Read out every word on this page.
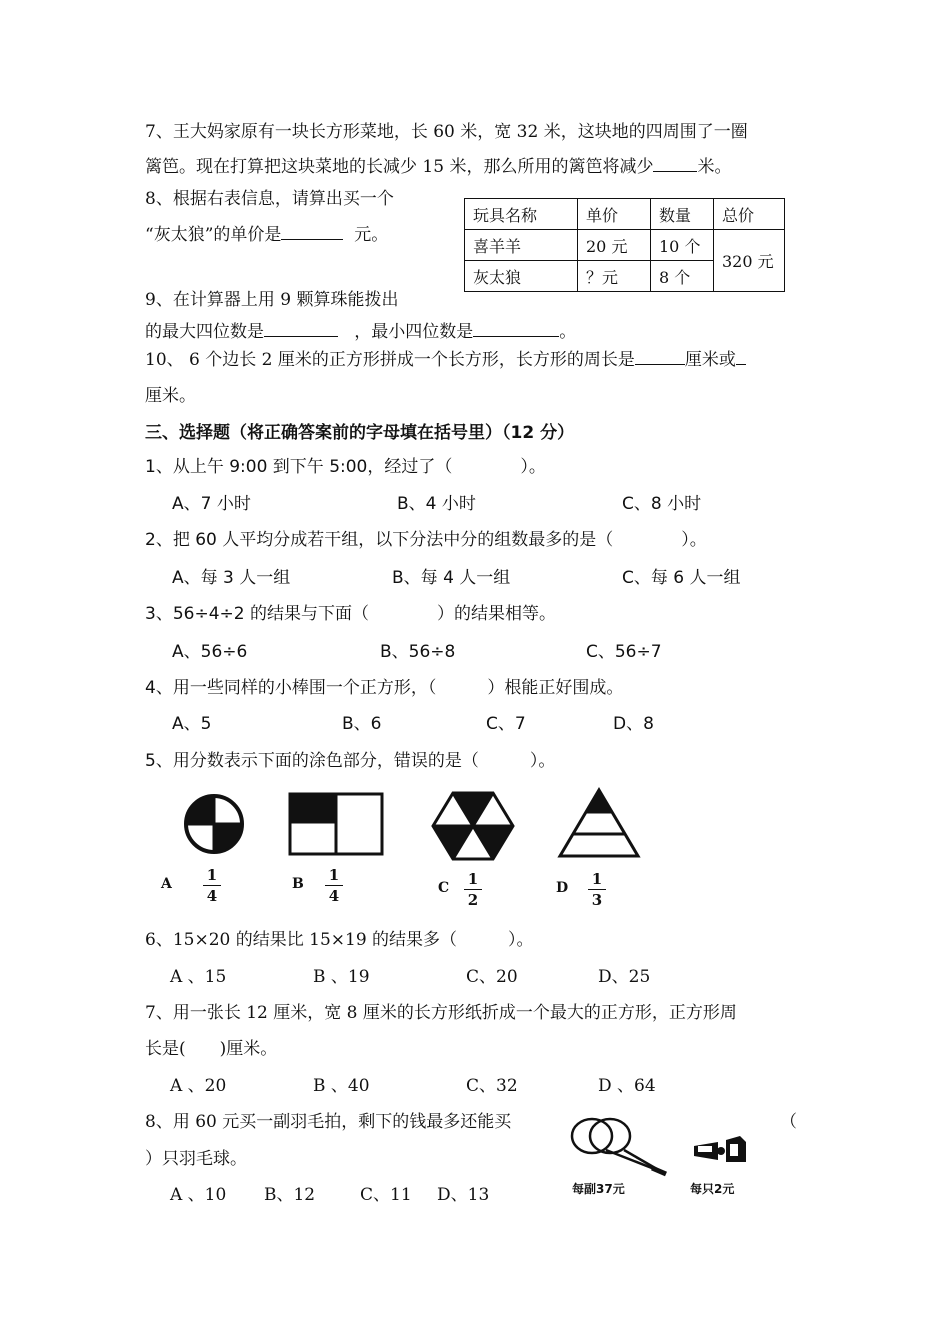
7、王大妈家原有一块长方形菜地，长 60 米，宽 32 米，这块地的四周围了一圈
篱笆。现在打算把这块菜地的长减少 15 米，那么所用的篱笆将减少	米。
8、根据右表信息，请算出买一个
“灰太狼”的单价是	元。
玩具名称	单价	数量	总价
喜羊羊	20 元	10 个	320 元
灰太狼	？元	8 个	
9、在计算器上用 9 颗算珠能拨出
的最大四位数是	，最小四位数是	。
10、 6 个边长 2 厘米的正方形拼成一个长方形，长方形的周长是	厘米或
厘米。
三、选择题（将正确答案前的字母填在括号里）（12 分）
1、从上午 9:00 到下午 5:00，经过了（　　　　）。
A、7 小时	B、4 小时	C、8 小时
2、把 60 人平均分成若干组，以下分法中分的组数最多的是（　　　　）。
A、每 3 人一组	B、每 4 人一组	C、每 6 人一组
3、56÷4÷2 的结果与下面（　　　　）的结果相等。
A、56÷6	B、56÷8	C、56÷7
4、用一些同样的小棒围一个正方形，（　　　）根能正好围成。
A、5	B、6	C、7	D、8
5、用分数表示下面的涂色部分，错误的是（　　　）。
A	1
4
B	1
4	C	1
2
D	1
3
6、15×20 的结果比 15×19 的结果多（　　　）。
A 、15	B 、19	C、20	D、25
7、用一张长 12 厘米，宽 8 厘米的长方形纸折成一个最大的正方形，正方形周
长是(　　)厘米。
A 、20	B 、40	C、32	D 、64
8、用 60 元买一副羽毛拍，剩下的钱最多还能买	（
）只羽毛球。
A 、10 B、12	C、11 D、13	每副37元	每只2元
